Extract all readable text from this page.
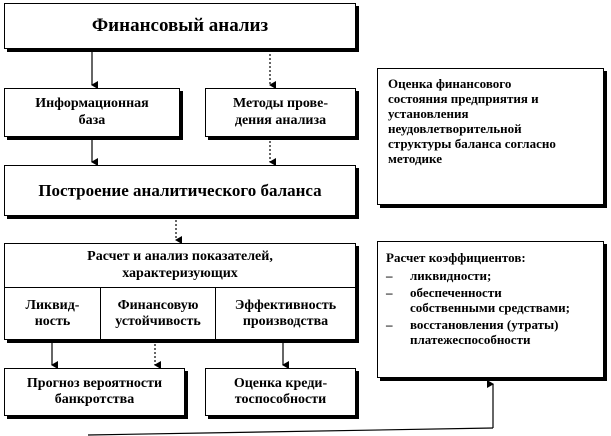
Финансовый анализ
Информационная
база
Методы прове-
дения анализа
Построение аналитического баланса
Расчет и анализ показателей,
характеризующих
Ликвид-
ность
Финансовую
устойчивость
Эффективность
производства
Прогноз вероятности
банкротства
Оценка креди-
тоспособности
Оценка финансового
состояния предприятия и
установления
неудовлетворительной
структуры баланса согласно
методике
Расчет коэффициентов:
– ликвидности;
– обеспеченности
собственными средствами;
– восстановления (утраты)
платежеспособности
